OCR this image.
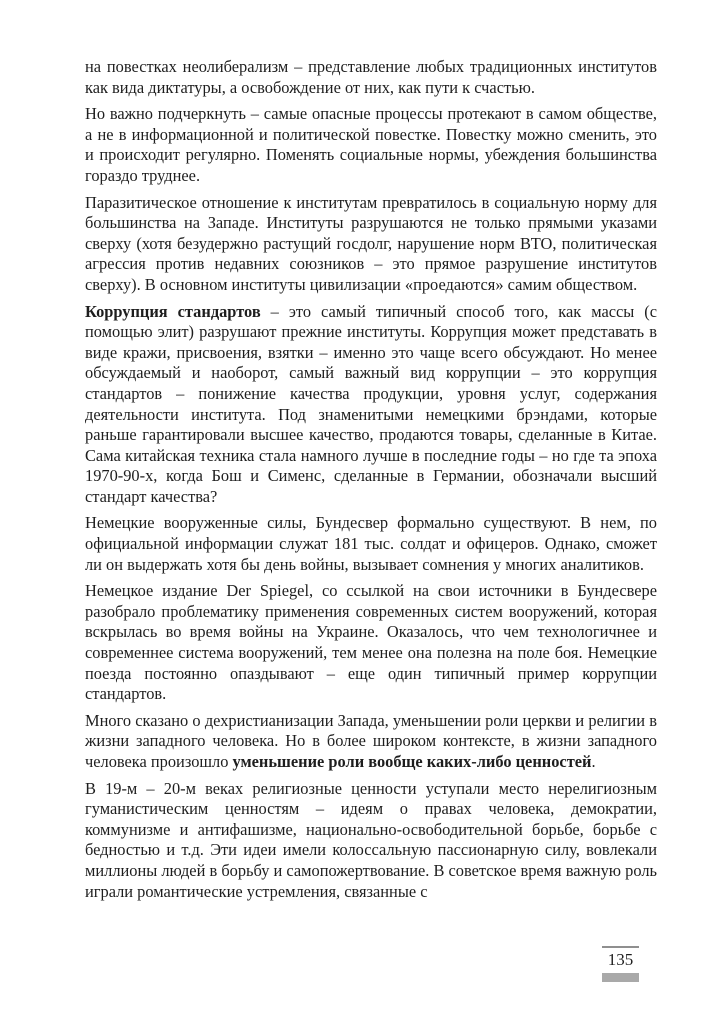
на повестках неолиберализм – представление любых традиционных институтов как вида диктатуры, а освобождение от них, как пути к счастью.

Но важно подчеркнуть – самые опасные процессы протекают в самом обществе, а не в информационной и политической повестке. Повестку можно сменить, это и происходит регулярно. Поменять социальные нормы, убеждения большинства гораздо труднее.

Паразитическое отношение к институтам превратилось в социальную норму для большинства на Западе. Институты разрушаются не только прямыми указами сверху (хотя безудержно растущий госдолг, нарушение норм ВТО, политическая агрессия против недавних союзников – это прямое разрушение институтов сверху). В основном институты цивилизации «проедаются» самим обществом.

Коррупция стандартов – это самый типичный способ того, как массы (с помощью элит) разрушают прежние институты. Коррупция может представать в виде кражи, присвоения, взятки – именно это чаще всего обсуждают. Но менее обсуждаемый и наоборот, самый важный вид коррупции – это коррупция стандартов – понижение качества продукции, уровня услуг, содержания деятельности института. Под знаменитыми немецкими брэндами, которые раньше гарантировали высшее качество, продаются товары, сделанные в Китае. Сама китайская техника стала намного лучше в последние годы – но где та эпоха 1970-90-х, когда Бош и Сименс, сделанные в Германии, обозначали высший стандарт качества?

Немецкие вооруженные силы, Бундесвер формально существуют. В нем, по официальной информации служат 181 тыс. солдат и офицеров. Однако, сможет ли он выдержать хотя бы день войны, вызывает сомнения у многих аналитиков.

Немецкое издание Der Spiegel, со ссылкой на свои источники в Бундесвере разобрало проблематику применения современных систем вооружений, которая вскрылась во время войны на Украине. Оказалось, что чем технологичнее и современнее система вооружений, тем менее она полезна на поле боя. Немецкие поезда постоянно опаздывают – еще один типичный пример коррупции стандартов.

Много сказано о дехристианизации Запада, уменьшении роли церкви и религии в жизни западного человека. Но в более широком контексте, в жизни западного человека произошло уменьшение роли вообще каких-либо ценностей.

В 19-м – 20-м веках религиозные ценности уступали место нерелигиозным гуманистическим ценностям – идеям о правах человека, демократии, коммунизме и антифашизме, национально-освободительной борьбе, борьбе с бедностью и т.д. Эти идеи имели колоссальную пассионарную силу, вовлекали миллионы людей в борьбу и самопожертвование. В советское время важную роль играли романтические устремления, связанные с

135
